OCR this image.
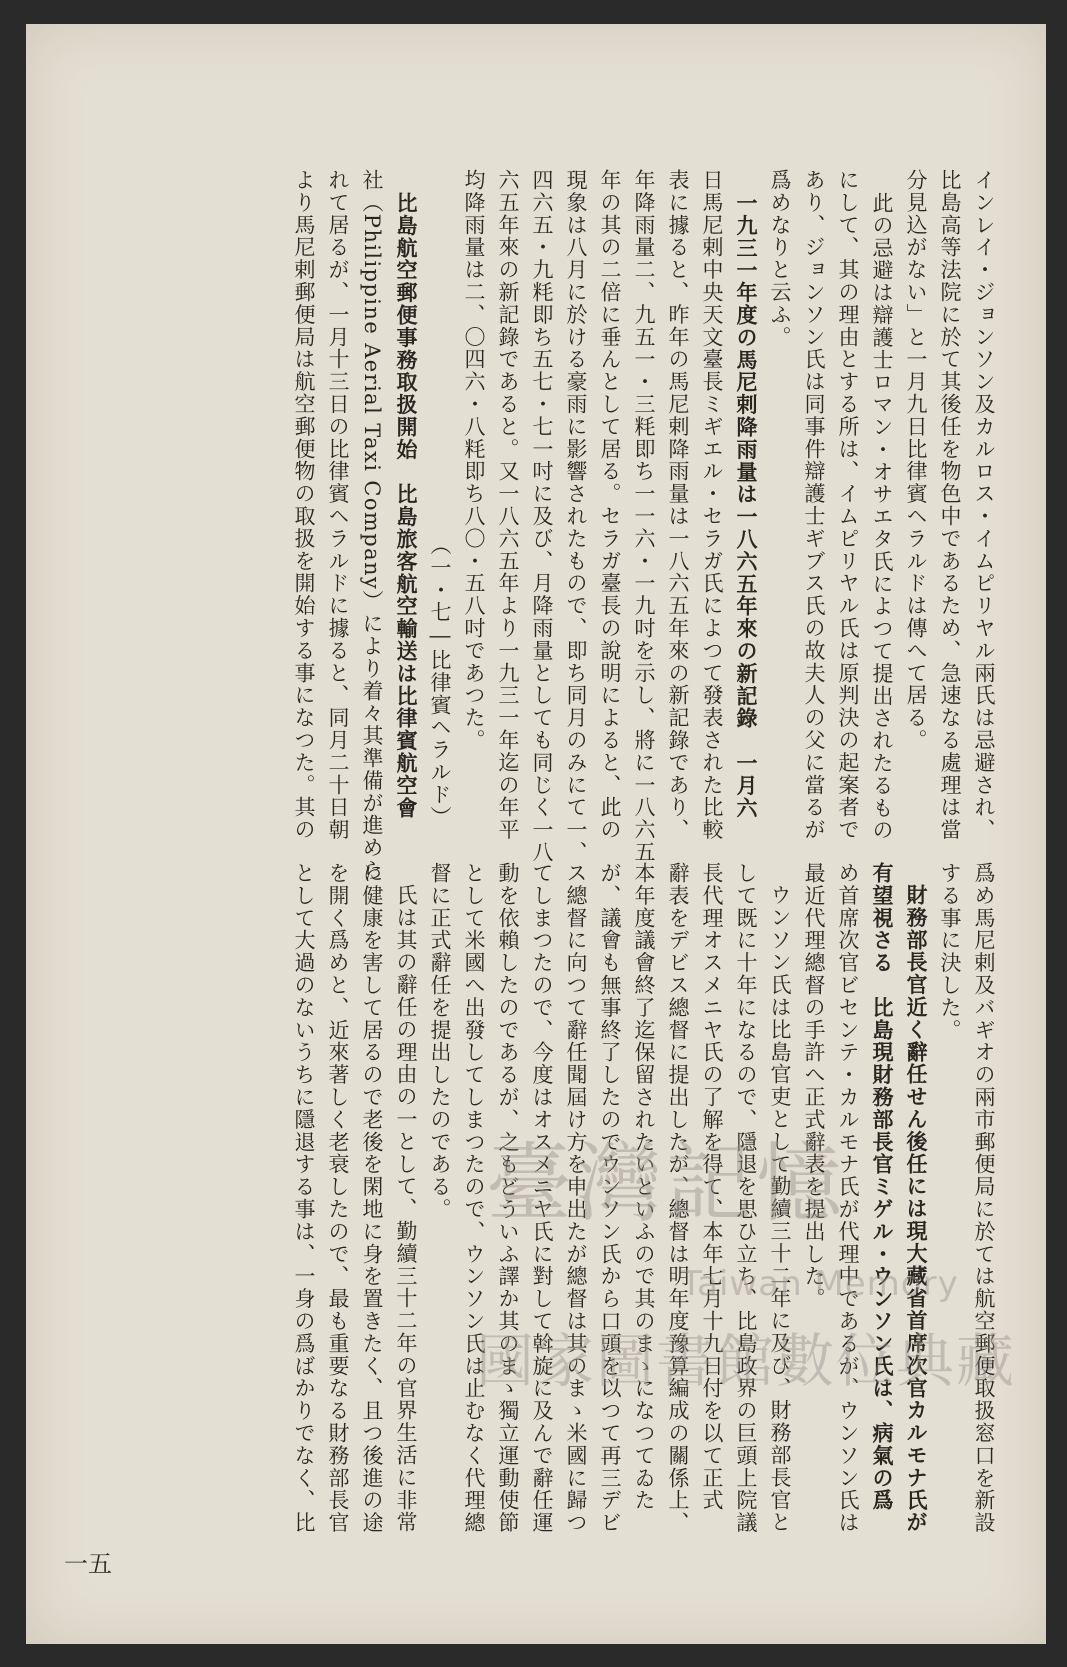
インレイ・ジョンソン及カルロス・イムピリヤル兩氏は忌避され、
比島高等法院に於て其後任を物色中であるため、急速なる處理は當
分見込がない」と一月九日比律賓ヘラルドは傳へて居る。
此の忌避は辯護士ロマン・オサエタ氏によつて提出されたるもの
にして、其の理由とする所は、イムピリヤル氏は原判決の起案者で
あり、ジョンソン氏は同事件辯護士ギブス氏の故夫人の父に當るが
爲めなりと云ふ。
一九三一年度の馬尼剌降雨量は一八六五年來の新記錄　一月六
日馬尼剌中央天文臺長ミギエル・セラガ氏によつて發表された比較
表に據ると、昨年の馬尼剌降雨量は一八六五年來の新記錄であり、
年降雨量二、九五一・三粍即ち一一六・一九吋を示し、將に一八六五
年の其の二倍に垂んとして居る。セラガ臺長の說明によると、此の
現象は八月に於ける豪雨に影響されたもので、即ち同月のみにて一、
四六五・九粍即ち五七・七一吋に及び、月降雨量としても同じく一八
六五年來の新記錄であると。又一八六五年より一九三一年迄の年平
均降雨量は二、〇四六・八粍即ち八〇・五八吋であつた。
（一・七―比律賓ヘラルド）
比島航空郵便事務取扱開始　比島旅客航空輸送は比律賓航空會
社（Philippine Aerial Taxi Company）により着々其準備が進めら
れて居るが、一月十三日の比律賓ヘラルドに據ると、同月二十日朝
より馬尼剌郵便局は航空郵便物の取扱を開始する事になつた。其の
爲め馬尼剌及バギオの兩市郵便局に於ては航空郵便取扱窓口を新設
する事に決した。
財務部長官近く辭任せん後任には現大藏省首席次官カルモナ氏が
有望視さる　比島現財務部長官ミゲル・ウンソン氏は、病氣の爲
め首席次官ビセンテ・カルモナ氏が代理中であるが、ウンソン氏は
最近代理總督の手許へ正式辭表を提出した。
ウンソン氏は比島官吏として勤續三十二年に及び、財務部長官と
して既に十年になるので、隱退を思ひ立ち、比島政界の巨頭上院議
長代理オスメニヤ氏の了解を得て、本年七月十九日付を以て正式
辭表をデビス總督に提出したが、總督は明年度豫算編成の關係上、
本年度議會終了迄保留されたいといふので其のまゝになつてゐた
が、議會も無事終了したのでウンソン氏から口頭を以つて再三デビ
ス總督に向つて辭任聞屆け方を申出たが總督は其のまゝ米國に歸つ
てしまつたので、今度はオスメニヤ氏に對して斡旋に及んで辭任運
動を依賴したのであるが、之もどういふ譯か其のまゝ獨立運動使節
として米國へ出發してしまつたので、ウンソン氏は止むなく代理總
督に正式辭任を提出したのである。
氏は其の辭任の理由の一として、勤續三十二年の官界生活に非常
に健康を害して居るので老後を閑地に身を置きたく、且つ後進の途
を開く爲めと、近來著しく老衰したので、最も重要なる財務部長官
として大過のないうちに隱退する事は、一身の爲ばかりでなく、比
一五
臺灣記憶
Taiwan Memory
國家圖書館數位典藏
